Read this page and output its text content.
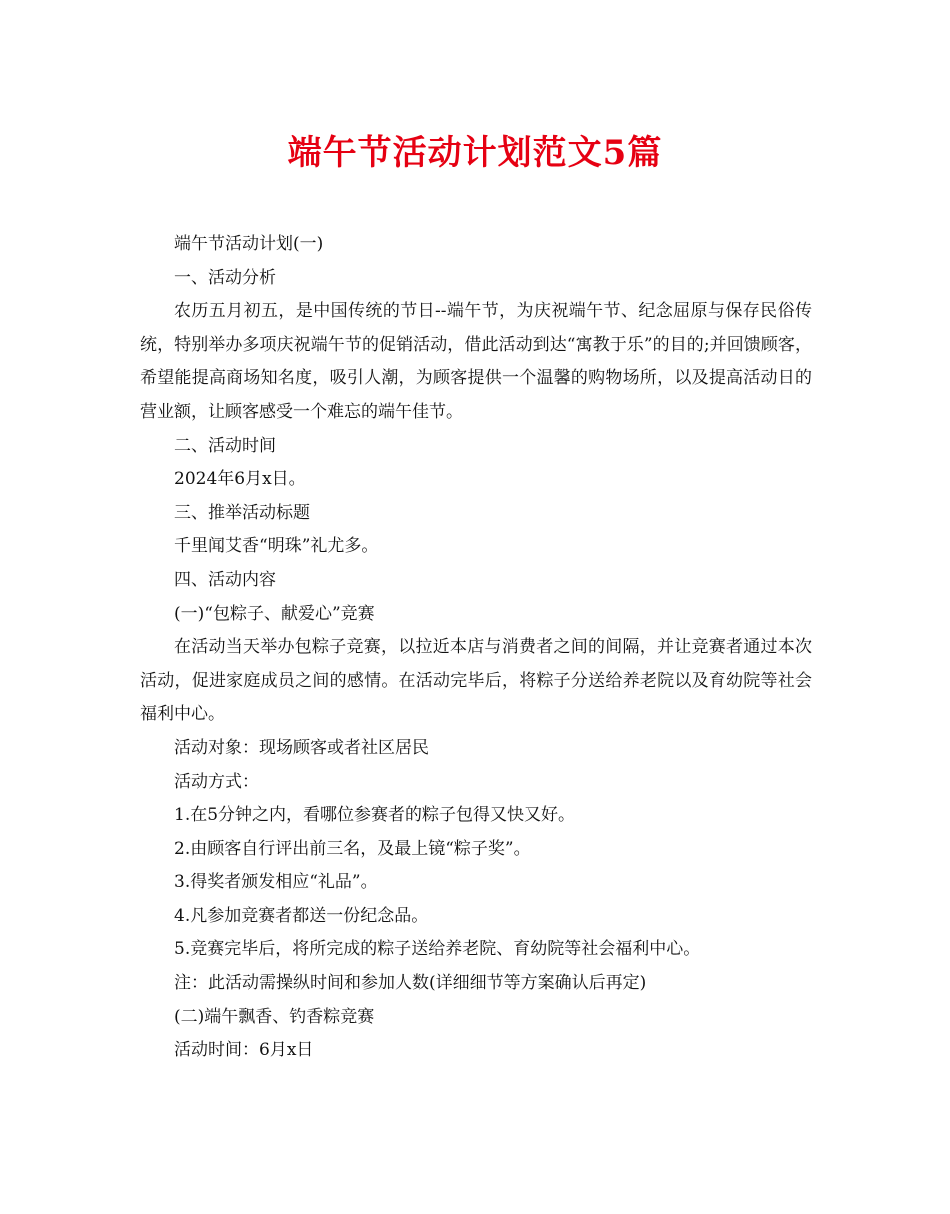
端午节活动计划范文5篇

端午节活动计划(一)

一、活动分析

农历五月初五，是中国传统的节日--端午节，为庆祝端午节、纪念屈原与保存民俗传统，特别举办多项庆祝端午节的促销活动，借此活动到达“寓教于乐”的目的;并回馈顾客，希望能提高商场知名度，吸引人潮，为顾客提供一个温馨的购物场所，以及提高活动日的营业额，让顾客感受一个难忘的端午佳节。

二、活动时间

2024年6月x日。

三、推举活动标题

千里闻艾香“明珠”礼尤多。

四、活动内容

(一)“包粽子、献爱心”竞赛

在活动当天举办包粽子竞赛，以拉近本店与消费者之间的间隔，并让竞赛者通过本次活动，促进家庭成员之间的感情。在活动完毕后，将粽子分送给养老院以及育幼院等社会福利中心。

活动对象：现场顾客或者社区居民

活动方式：

1.在5分钟之内，看哪位参赛者的粽子包得又快又好。

2.由顾客自行评出前三名，及最上镜“粽子奖”。

3.得奖者颁发相应“礼品”。

4.凡参加竞赛者都送一份纪念品。

5.竞赛完毕后，将所完成的粽子送给养老院、育幼院等社会福利中心。

注：此活动需操纵时间和参加人数(详细细节等方案确认后再定)

(二)端午飘香、钓香粽竞赛

活动时间：6月x日
